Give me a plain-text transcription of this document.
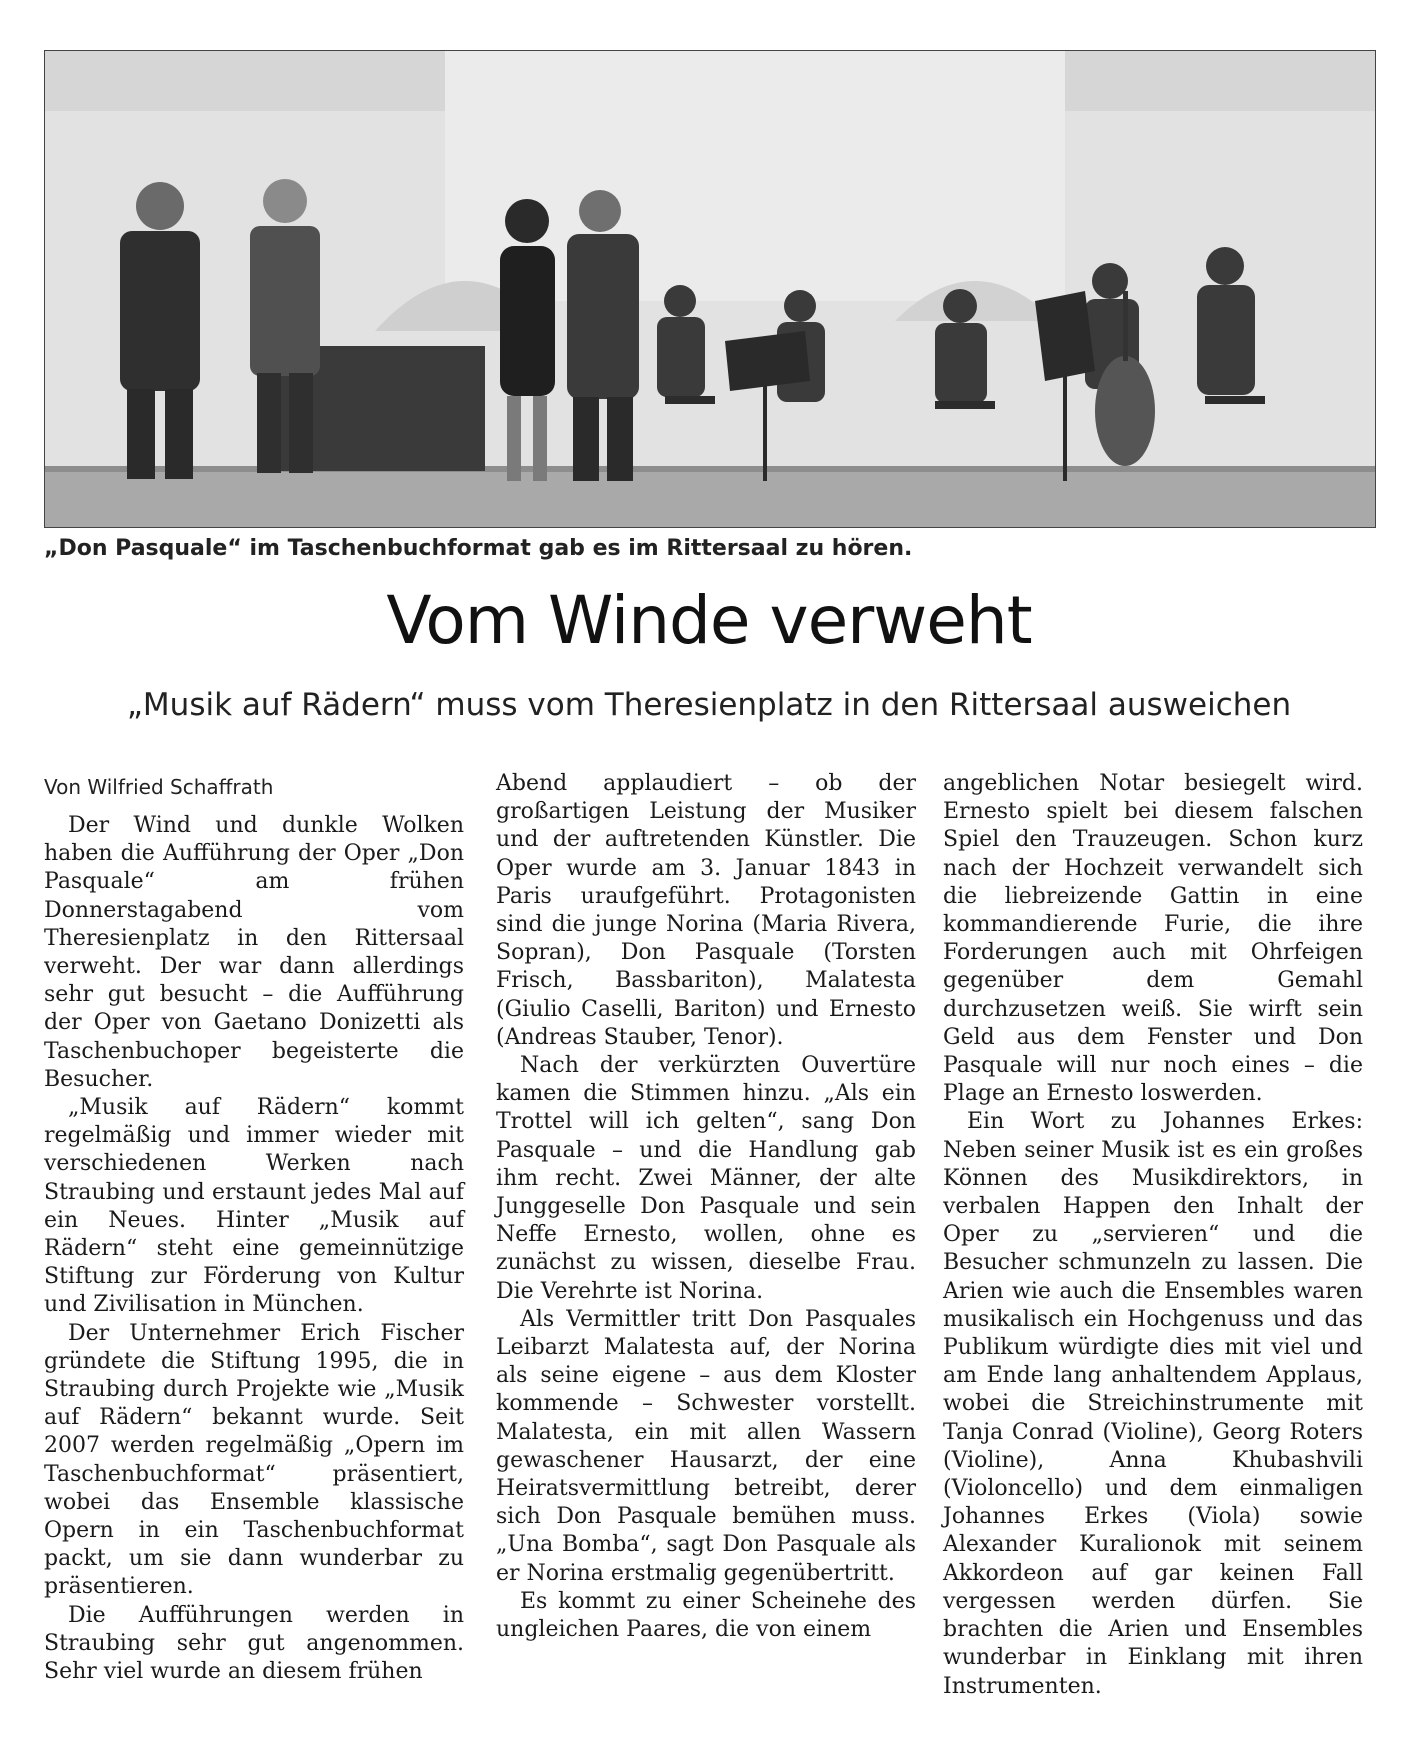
„Don Pasquale“ im Taschenbuchformat gab es im Rittersaal zu hören.
Vom Winde verweht
„Musik auf Rädern“ muss vom Theresienplatz in den Rittersaal ausweichen
Von Wilfried Schaffrath

Der Wind und dunkle Wolken haben die Aufführung der Oper „Don Pasquale“ am frühen Donnerstagabend vom Theresienplatz in den Rittersaal verweht. Der war dann allerdings sehr gut besucht – die Aufführung der Oper von Gaetano Donizetti als Taschenbuchoper begeisterte die Besucher.

„Musik auf Rädern“ kommt regelmäßig und immer wieder mit verschiedenen Werken nach Straubing und erstaunt jedes Mal auf ein Neues. Hinter „Musik auf Rädern“ steht eine gemeinnützige Stiftung zur Förderung von Kultur und Zivilisation in München.

Der Unternehmer Erich Fischer gründete die Stiftung 1995, die in Straubing durch Projekte wie „Musik auf Rädern“ bekannt wurde. Seit 2007 werden regelmäßig „Opern im Taschenbuchformat“ präsentiert, wobei das Ensemble klassische Opern in ein Taschenbuchformat packt, um sie dann wunderbar zu präsentieren.

Die Aufführungen werden in Straubing sehr gut angenommen. Sehr viel wurde an diesem frühen

Abend applaudiert – ob der großartigen Leistung der Musiker und der auftretenden Künstler. Die Oper wurde am 3. Januar 1843 in Paris uraufgeführt. Protagonisten sind die junge Norina (Maria Rivera, Sopran), Don Pasquale (Torsten Frisch, Bassbariton), Malatesta (Giulio Caselli, Bariton) und Ernesto (Andreas Stauber, Tenor).

Nach der verkürzten Ouvertüre kamen die Stimmen hinzu. „Als ein Trottel will ich gelten“, sang Don Pasquale – und die Handlung gab ihm recht. Zwei Männer, der alte Junggeselle Don Pasquale und sein Neffe Ernesto, wollen, ohne es zunächst zu wissen, dieselbe Frau. Die Verehrte ist Norina.

Als Vermittler tritt Don Pasquales Leibarzt Malatesta auf, der Norina als seine eigene – aus dem Kloster kommende – Schwester vorstellt. Malatesta, ein mit allen Wassern gewaschener Hausarzt, der eine Heiratsvermittlung betreibt, derer sich Don Pasquale bemühen muss. „Una Bomba“, sagt Don Pasquale als er Norina erstmalig gegenübertritt.

Es kommt zu einer Scheinehe des ungleichen Paares, die von einem

angeblichen Notar besiegelt wird. Ernesto spielt bei diesem falschen Spiel den Trauzeugen. Schon kurz nach der Hochzeit verwandelt sich die liebreizende Gattin in eine kommandierende Furie, die ihre Forderungen auch mit Ohrfeigen gegenüber dem Gemahl durchzusetzen weiß. Sie wirft sein Geld aus dem Fenster und Don Pasquale will nur noch eines – die Plage an Ernesto loswerden.

Ein Wort zu Johannes Erkes: Neben seiner Musik ist es ein großes Können des Musikdirektors, in verbalen Happen den Inhalt der Oper zu „servieren“ und die Besucher schmunzeln zu lassen. Die Arien wie auch die Ensembles waren musikalisch ein Hochgenuss und das Publikum würdigte dies mit viel und am Ende lang anhaltendem Applaus, wobei die Streichinstrumente mit Tanja Conrad (Violine), Georg Roters (Violine), Anna Khubashvili (Violoncello) und dem einmaligen Johannes Erkes (Viola) sowie Alexander Kuralionok mit seinem Akkordeon auf gar keinen Fall vergessen werden dürfen. Sie brachten die Arien und Ensembles wunderbar in Einklang mit ihren Instrumenten.
